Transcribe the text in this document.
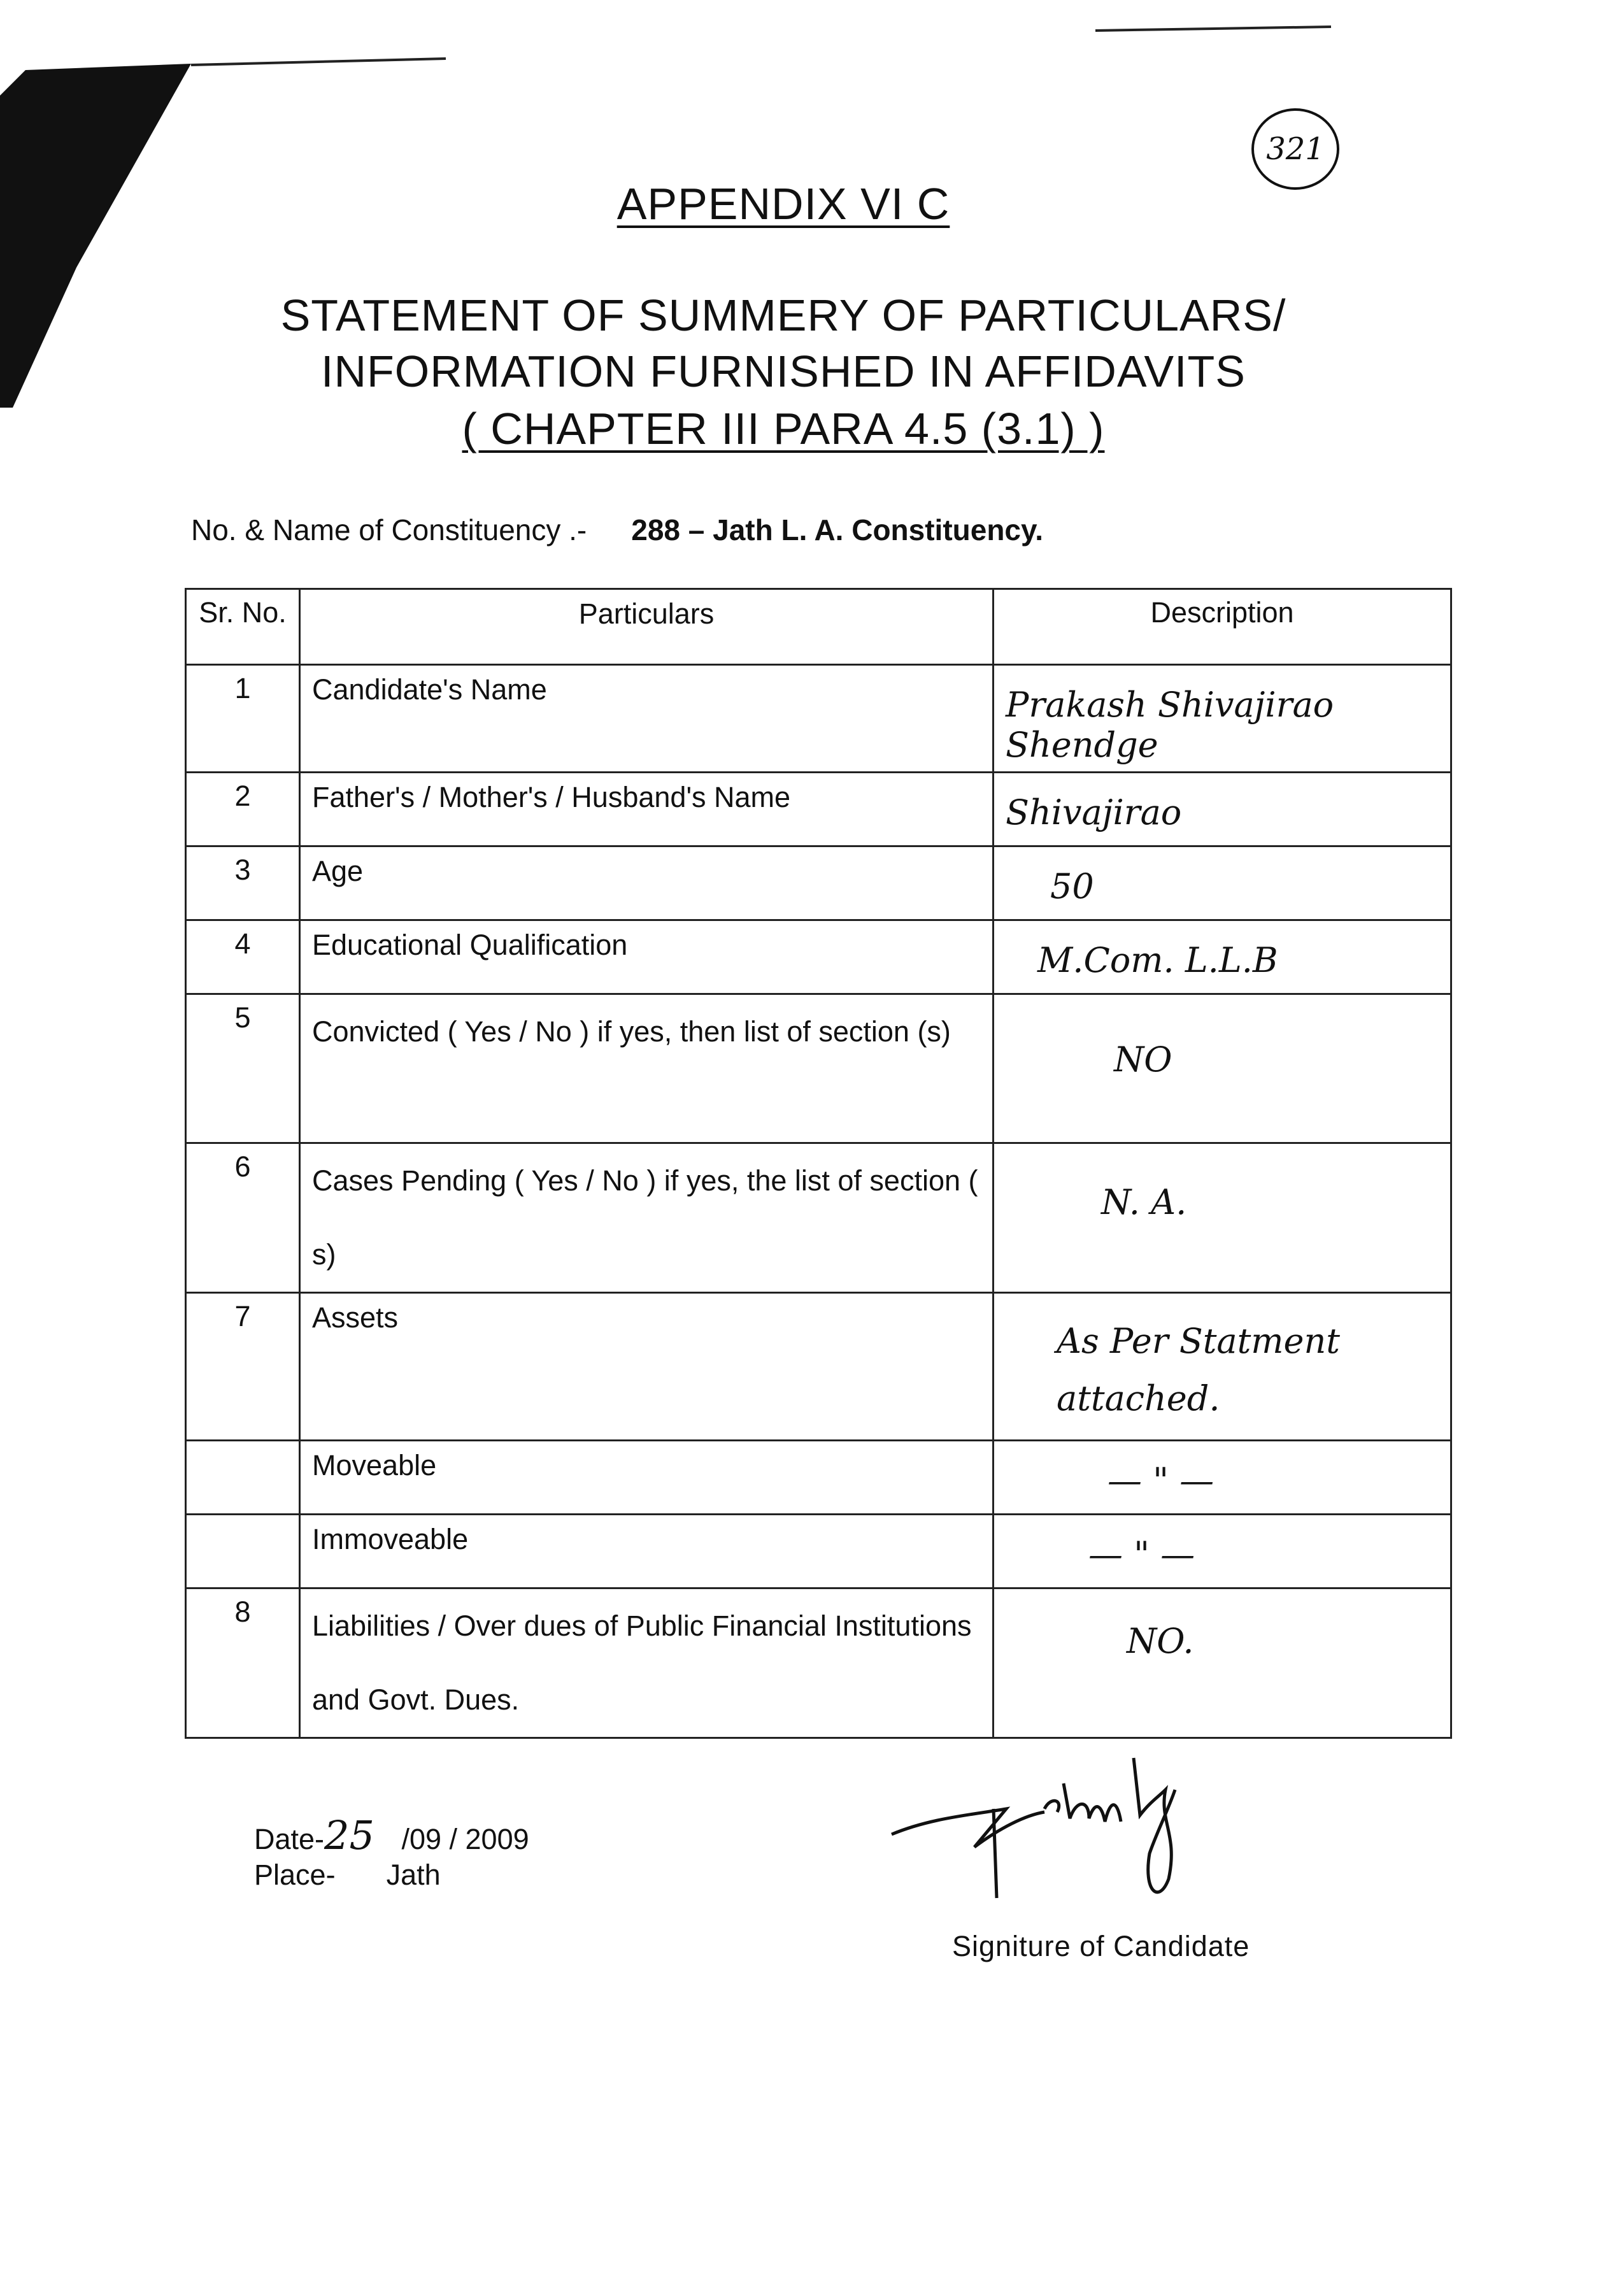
321
APPENDIX VI C
STATEMENT OF SUMMERY OF PARTICULARS/
INFORMATION FURNISHED IN AFFIDAVITS
( CHAPTER III PARA 4.5 (3.1) )
No. & Name of Constituency .- 288 – Jath L. A. Constituency.
Sr. No.	Particulars	Description
1	Candidate's Name	Prakash Shivajirao Shendge

2	Father's / Mother's / Husband's Name	Shivajirao

3	Age	50

4	Educational Qualification	M.Com. L.L.B

5	Convicted ( Yes / No ) if yes, then list of section (s)	NO

6	Cases Pending ( Yes / No ) if yes, the list of section ( s)	N. A.

7	Assets	As Per Statment attached.

	Moveable	— " —

	Immoveable	— " —

8	Liabilities / Over dues of Public Financial Institutions and Govt. Dues.	NO.
Date-25 /09 / 2009
Place- Jath
Signiture of Candidate
